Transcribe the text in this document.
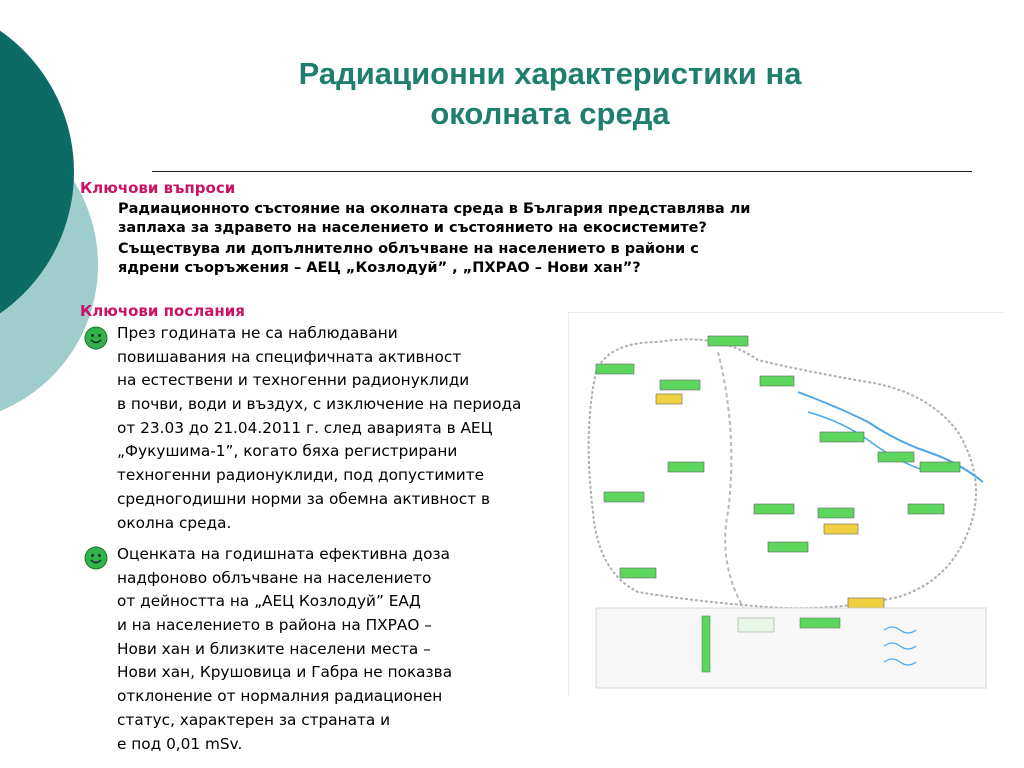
Радиационни характеристики на
околната среда
Ключови въпроси
Радиационното състояние на околната среда в България представлява ли
заплаха за здравето на населението и състоянието на екосистемите?
Съществува ли допълнително облъчване на населението в райони с
ядрени съоръжения – АЕЦ „Козлодуй” , „ПХРАО – Нови хан”?
Ключови послания
През годината не са наблюдавани
повишавания на специфичната активност
на естествени и техногенни радионуклиди
в почви, води и въздух, с изключение на периода
от 23.03 до 21.04.2011 г. след аварията в АЕЦ
„Фукушима-1”, когато бяха регистрирани
техногенни радионуклиди, под допустимите
средногодишни норми за обемна активност в
околна среда.
Оценката на годишната ефективна доза
надфоново облъчване на населението
от дейността на „АЕЦ Козлодуй” ЕАД
и на населението в района на ПХРАО –
Нови хан и близките населени места –
Нови хан, Крушовица и Габра не показва
отклонение от нормалния радиационен
статус, характерен за страната и
е под 0,01 mSv.
